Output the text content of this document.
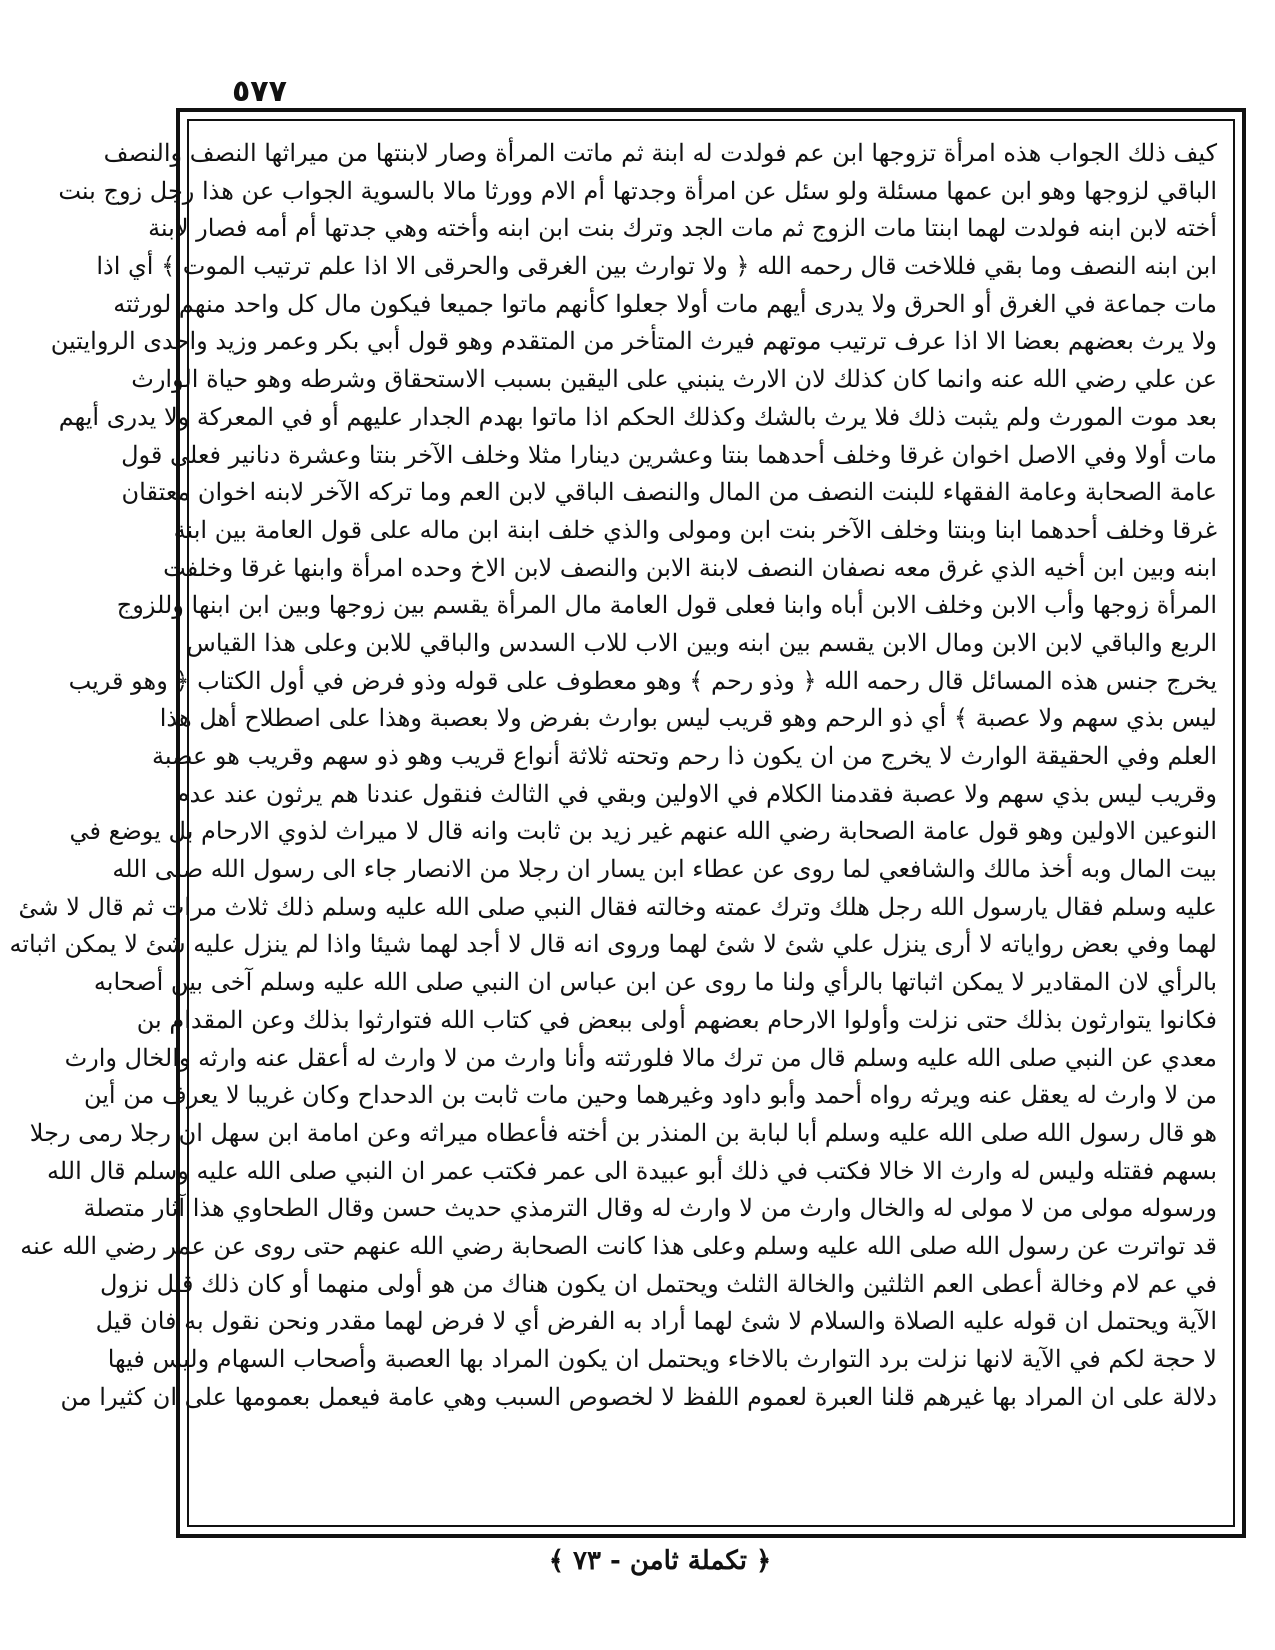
٥٧٧
كيف ذلك الجواب هذه امرأة تزوجها ابن عم فولدت له ابنة ثم ماتت المرأة وصار لابنتها من ميراثها النصف والنصف
الباقي لزوجها وهو ابن عمها مسئلة ولو سئل عن امرأة وجدتها أم الام وورثا مالا بالسوية الجواب عن هذا رجل زوج بنت
أخته لابن ابنه فولدت لهما ابنتا مات الزوج ثم مات الجد وترك بنت ابن ابنه وأخته وهي جدتها أم أمه فصار لابنة
ابن ابنه النصف وما بقي فللاخت قال رحمه الله ﴿ ولا توارث بين الغرقى والحرقى الا اذا علم ترتيب الموت ﴾ أي اذا
مات جماعة في الغرق أو الحرق ولا يدرى أيهم مات أولا جعلوا كأنهم ماتوا جميعا فيكون مال كل واحد منهم لورثته
ولا يرث بعضهم بعضا الا اذا عرف ترتيب موتهم فيرث المتأخر من المتقدم وهو قول أبي بكر وعمر وزيد واحدى الروايتين
عن علي رضي الله عنه وانما كان كذلك لان الارث ينبني على اليقين بسبب الاستحقاق وشرطه وهو حياة الوارث
بعد موت المورث ولم يثبت ذلك فلا يرث بالشك وكذلك الحكم اذا ماتوا بهدم الجدار عليهم أو في المعركة ولا يدرى أيهم
مات أولا وفي الاصل اخوان غرقا وخلف أحدهما بنتا وعشرين دينارا مثلا وخلف الآخر بنتا وعشرة دنانير فعلى قول
عامة الصحابة وعامة الفقهاء للبنت النصف من المال والنصف الباقي لابن العم وما تركه الآخر لابنه اخوان معتقان
غرقا وخلف أحدهما ابنا وبنتا وخلف الآخر بنت ابن ومولى والذي خلف ابنة ابن ماله على قول العامة بين ابنة
ابنه وبين ابن أخيه الذي غرق معه نصفان النصف لابنة الابن والنصف لابن الاخ وحده امرأة وابنها غرقا وخلفت
المرأة زوجها وأب الابن وخلف الابن أباه وابنا فعلى قول العامة مال المرأة يقسم بين زوجها وبين ابن ابنها وللزوج
الربع والباقي لابن الابن ومال الابن يقسم بين ابنه وبين الاب للاب السدس والباقي للابن وعلى هذا القياس
يخرج جنس هذه المسائل قال رحمه الله ﴿ وذو رحم ﴾ وهو معطوف على قوله وذو فرض في أول الكتاب ﴿ وهو قريب
ليس بذي سهم ولا عصبة ﴾ أي ذو الرحم وهو قريب ليس بوارث بفرض ولا بعصبة وهذا على اصطلاح أهل هذا
العلم وفي الحقيقة الوارث لا يخرج من ان يكون ذا رحم وتحته ثلاثة أنواع قريب وهو ذو سهم وقريب هو عصبة
وقريب ليس بذي سهم ولا عصبة فقدمنا الكلام في الاولين وبقي في الثالث فنقول عندنا هم يرثون عند عدم
النوعين الاولين وهو قول عامة الصحابة رضي الله عنهم غير زيد بن ثابت وانه قال لا ميراث لذوي الارحام بل يوضع في
بيت المال وبه أخذ مالك والشافعي لما روى عن عطاء ابن يسار ان رجلا من الانصار جاء الى رسول الله صلى الله
عليه وسلم فقال يارسول الله رجل هلك وترك عمته وخالته فقال النبي صلى الله عليه وسلم ذلك ثلاث مرات ثم قال لا شئ
لهما وفي بعض رواياته لا أرى ينزل علي شئ لا شئ لهما وروى انه قال لا أجد لهما شيئا واذا لم ينزل عليه شئ لا يمكن اثباته
بالرأي لان المقادير لا يمكن اثباتها بالرأي ولنا ما روى عن ابن عباس ان النبي صلى الله عليه وسلم آخى بين أصحابه
فكانوا يتوارثون بذلك حتى نزلت وأولوا الارحام بعضهم أولى ببعض في كتاب الله فتوارثوا بذلك وعن المقدام بن
معدي عن النبي صلى الله عليه وسلم قال من ترك مالا فلورثته وأنا وارث من لا وارث له أعقل عنه وارثه والخال وارث
من لا وارث له يعقل عنه ويرثه رواه أحمد وأبو داود وغيرهما وحين مات ثابت بن الدحداح وكان غريبا لا يعرف من أين
هو قال رسول الله صلى الله عليه وسلم أبا لبابة بن المنذر بن أخته فأعطاه ميراثه وعن امامة ابن سهل ان رجلا رمى رجلا
بسهم فقتله وليس له وارث الا خالا فكتب في ذلك أبو عبيدة الى عمر فكتب عمر ان النبي صلى الله عليه وسلم قال الله
ورسوله مولى من لا مولى له والخال وارث من لا وارث له وقال الترمذي حديث حسن وقال الطحاوي هذا آثار متصلة
قد تواترت عن رسول الله صلى الله عليه وسلم وعلى هذا كانت الصحابة رضي الله عنهم حتى روى عن عمر رضي الله عنه
في عم لام وخالة أعطى العم الثلثين والخالة الثلث ويحتمل ان يكون هناك من هو أولى منهما أو كان ذلك قبل نزول
الآية ويحتمل ان قوله عليه الصلاة والسلام لا شئ لهما أراد به الفرض أي لا فرض لهما مقدر ونحن نقول به فان قيل
لا حجة لكم في الآية لانها نزلت برد التوارث بالاخاء ويحتمل ان يكون المراد بها العصبة وأصحاب السهام وليس فيها
دلالة على ان المراد بها غيرهم قلنا العبرة لعموم اللفظ لا لخصوص السبب وهي عامة فيعمل بعمومها على ان كثيرا من
﴿ تكملة ثامن - ٧٣ ﴾
